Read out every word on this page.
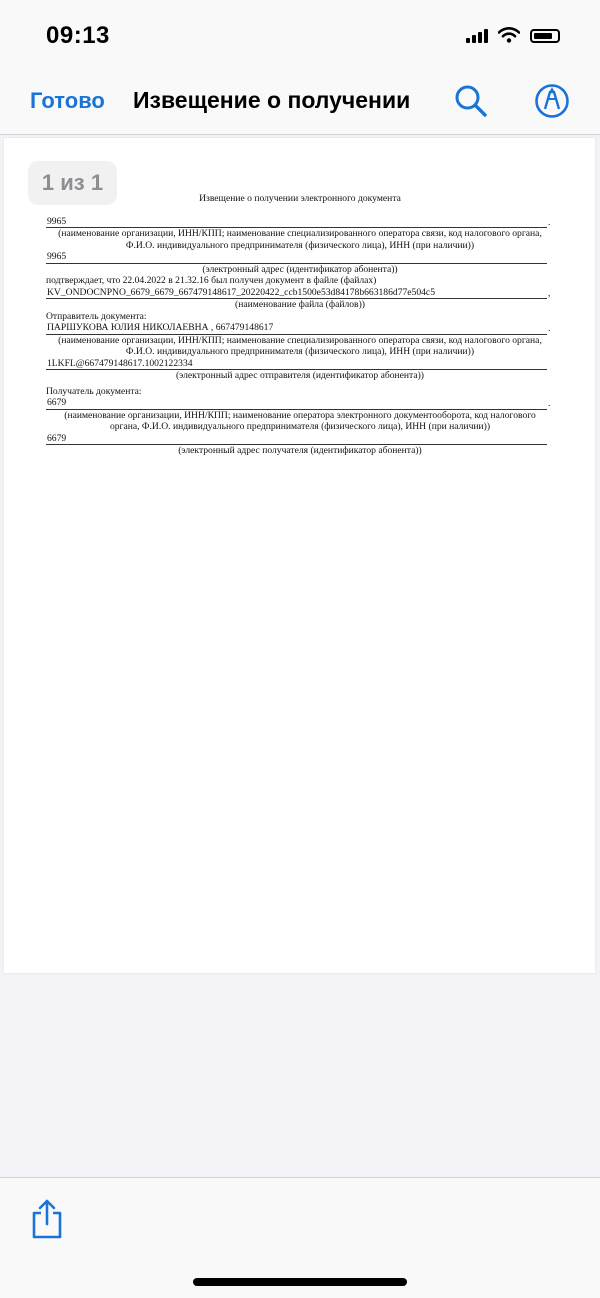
09:13
Готово Извещение о получении
1 из 1
Извещение о получении электронного документа
9965	.
(наименование организации, ИНН/КПП; наименование специализированного оператора связи, код налогового органа, Ф.И.О. индивидуального предпринимателя (физического лица), ИНН (при наличии))
9965
(электронный адрес (идентификатор абонента))
подтверждает, что 22.04.2022 в 21.32.16 был получен документ в файле (файлах)
KV_ONDOCNPNO_6679_6679_667479148617_20220422_ccb1500e53d84178b663186d77e504c5	,
(наименование файла (файлов))
Отправитель документа:
ПАРШУКОВА ЮЛИЯ НИКОЛАЕВНА , 667479148617	.
(наименование организации, ИНН/КПП; наименование специализированного оператора связи, код налогового органа, Ф.И.О. индивидуального предпринимателя (физического лица), ИНН (при наличии))
1LKFL@667479148617.1002122334
(электронный адрес отправителя (идентификатор абонента))
Получатель документа:
6679	.
(наименование организации, ИНН/КПП; наименование оператора электронного документооборота, код налогового органа, Ф.И.О. индивидуального предпринимателя (физического лица), ИНН (при наличии))
6679
(электронный адрес получателя (идентификатор абонента))
